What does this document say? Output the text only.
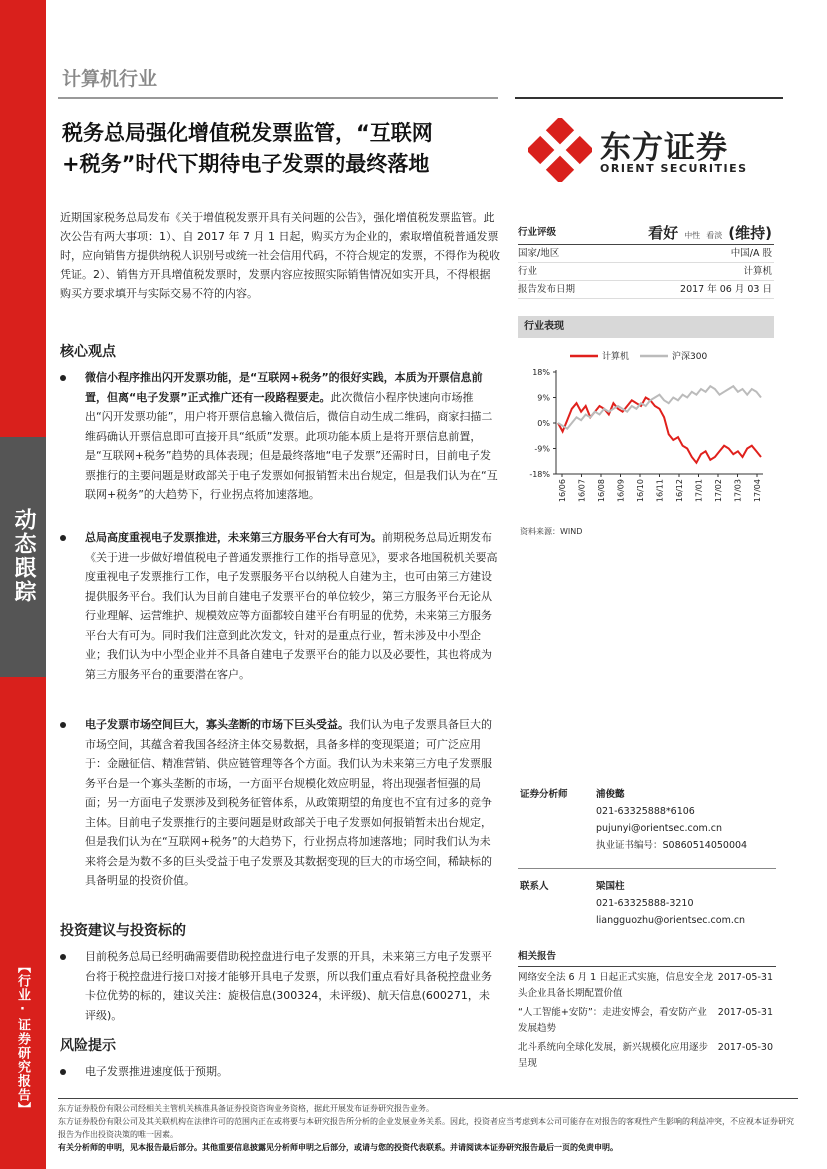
动态跟踪
【行业·证券研究报告】
计算机行业
税务总局强化增值税发票监管，“互联网
+税务”时代下期待电子发票的最终落地	东方证券
ORIENT SECURITIES
近期国家税务总局发布《关于增值税发票开具有关问题的公告》，强化增值税发票监管。此次公告有两大事项：1）、自 2017 年 7 月 1 日起，购买方为企业的，索取增值税普通发票时，应向销售方提供纳税人识别号或统一社会信用代码，不符合规定的发票，不得作为税收凭证。2）、销售方开具增值税发票时，发票内容应按照实际销售情况如实开具，不得根据购买方要求填开与实际交易不符的内容。
核心观点
微信小程序推出闪开发票功能，是“互联网+税务”的很好实践，本质为开票信息前置，但离“电子发票”正式推广还有一段路程要走。此次微信小程序快速向市场推出“闪开发票功能”，用户将开票信息输入微信后，微信自动生成二维码，商家扫描二维码确认开票信息即可直接开具“纸质”发票。此项功能本质上是将开票信息前置，是“互联网+税务”趋势的具体表现；但是最终落地“电子发票”还需时日，目前电子发票推行的主要问题是财政部关于电子发票如何报销暂未出台规定，但是我们认为在“互联网+税务”的大趋势下，行业拐点将加速落地。
总局高度重视电子发票推进，未来第三方服务平台大有可为。前期税务总局近期发布《关于进一步做好增值税电子普通发票推行工作的指导意见》，要求各地国税机关要高度重视电子发票推行工作，电子发票服务平台以纳税人自建为主，也可由第三方建设提供服务平台。我们认为目前自建电子发票平台的单位较少，第三方服务平台无论从行业理解、运营维护、规模效应等方面都较自建平台有明显的优势，未来第三方服务平台大有可为。同时我们注意到此次发文，针对的是重点行业，暂未涉及中小型企业；我们认为中小型企业并不具备自建电子发票平台的能力以及必要性，其也将成为第三方服务平台的重要潜在客户。
电子发票市场空间巨大，寡头垄断的市场下巨头受益。我们认为电子发票具备巨大的市场空间，其蕴含着我国各经济主体交易数据，具备多样的变现渠道；可广泛应用于：金融征信、精准营销、供应链管理等各个方面。我们认为未来第三方电子发票服务平台是一个寡头垄断的市场，一方面平台规模化效应明显，将出现强者恒强的局面；另一方面电子发票涉及到税务征管体系，从政策期望的角度也不宜有过多的竞争主体。目前电子发票推行的主要问题是财政部关于电子发票如何报销暂未出台规定，但是我们认为在“互联网+税务”的大趋势下，行业拐点将加速落地；同时我们认为未来将会是为数不多的巨头受益于电子发票及其数据变现的巨大的市场空间，稀缺标的具备明显的投资价值。
投资建议与投资标的
目前税务总局已经明确需要借助税控盘进行电子发票的开具，未来第三方电子发票平台将于税控盘进行接口对接才能够开具电子发票，所以我们重点看好具备税控盘业务卡位优势的标的，建议关注：旋极信息(300324，未评级)、航天信息(600271，未评级)。
风险提示
电子发票推进速度低于预期。
行业评级	看好 中性 看淡 (维持)
国家/地区	中国/A 股
行业	计算机
报告发布日期	2017 年 06 月 03 日
行业表现
计算机	沪深300
18%
9%
0%
-9%
-18%
16/06 16/07 16/08 16/09 16/10 16/11 16/12 17/01 17/02 17/03 17/04
资料来源：WIND
证券分析师	浦俊懿
021-63325888*6106
pujunyi@orientsec.com.cn
执业证书编号：S0860514050004
联系人	梁国柱
021-63325888-3210
liangguozhu@orientsec.com.cn
相关报告
网络安全法 6 月 1 日起正式实施，信息安全龙头企业具备长期配置价值
2017-05-31
“人工智能+安防”：走进安博会，看安防产业发展趋势
2017-05-31
北斗系统向全球化发展，新兴规模化应用逐步呈现
2017-05-30
东方证券股份有限公司经相关主管机关核准具备证券投资咨询业务资格，据此开展发布证券研究报告业务。
东方证券股份有限公司及其关联机构在法律许可的范围内正在或将要与本研究报告所分析的企业发展业务关系。因此，投资者应当考虑到本公司可能存在对报告的客观性产生影响的利益冲突，不应视本证券研究报告为作出投资决策的唯一因素。
有关分析师的申明，见本报告最后部分。其他重要信息披露见分析师申明之后部分，或请与您的投资代表联系。并请阅读本证券研究报告最后一页的免责申明。
